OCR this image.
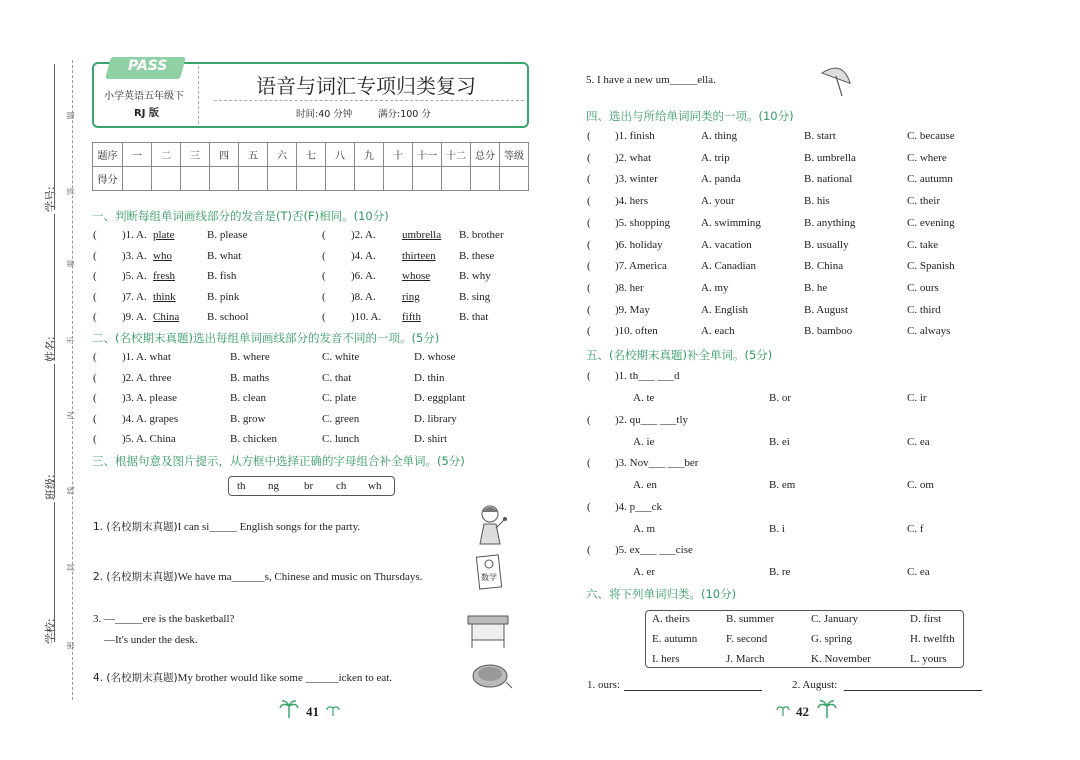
学号:
姓名:
班级:
学校:
题
答
要
不
内
线
封
密
PASS
小学英语五年级下
RJ 版
语音与词汇专项归类复习
时间:40 分钟	满分:100 分
题序	一	二	三	四	五	六	七	八	九	十	十一	十二	总分	等级
得分														
一、判断每组单词画线部分的发音是(T)否(F)相同。(10分)
( )1. A. plate	B. please	( )2. A. umbrella B. brother
( )3. A. who	B. what	( )4. A. thirteen B. these
( )5. A. fresh	B. fish	( )6. A. whose	B. why
( )7. A. think	B. pink	( )8. A. ring	B. sing
( )9. A. China	B. school	( )10. A. fifth	B. that
二、(名校期末真题)选出每组单词画线部分的发音不同的一项。(5分)
( )1. A. what	B. where	C. white	D. whose
( )2. A. three	B. maths	C. that	D. thin
( )3. A. please	B. clean	C. plate	D. eggplant
( )4. A. grapes	B. grow	C. green	D. library
( )5. A. China	B. chicken	C. lunch	D. shirt
三、根据句意及图片提示，从方框中选择正确的字母组合补全单词。(5分)
th ng br ch wh
1. (名校期末真题)I can si_____ English songs for the party.
2. (名校期末真题)We have ma______s, Chinese and music on Thursdays.
3. —_____ere is the basketball?
—It's under the desk.
4. (名校期末真题)My brother would like some ______icken to eat.
数学
41
5. I have a new um_____ella.
四、选出与所给单词同类的一项。(10分)
( )1. finish	A. thing	B. start	C. because
( )2. what	A. trip	B. umbrella	C. where
( )3. winter	A. panda	B. national	C. autumn
( )4. hers	A. your	B. his	C. their
( )5. shopping	A. swimming	B. anything	C. evening
( )6. holiday	A. vacation	B. usually	C. take
( )7. America	A. Canadian	B. China	C. Spanish
( )8. her	A. my	B. he	C. ours
( )9. May	A. English	B. August	C. third
( )10. often	A. each	B. bamboo	C. always
五、(名校期末真题)补全单词。(5分)
( )1. th___ ___d
A. te	B. or	C. ir
( )2. qu___ ___tly
A. ie	B. ei	C. ea
( )3. Nov___ ___ber
A. en	B. em	C. om
( )4. p___ck
A. m	B. i	C. f
( )5. ex___ ___cise
A. er	B. re	C. ea
六、将下列单词归类。(10分)
A. theirs	B. summer	C. January	D. first
E. autumn	F. second	G. spring	H. twelfth
I. hers	J. March	K. November	L. yours
1. ours:	2. August:
42
